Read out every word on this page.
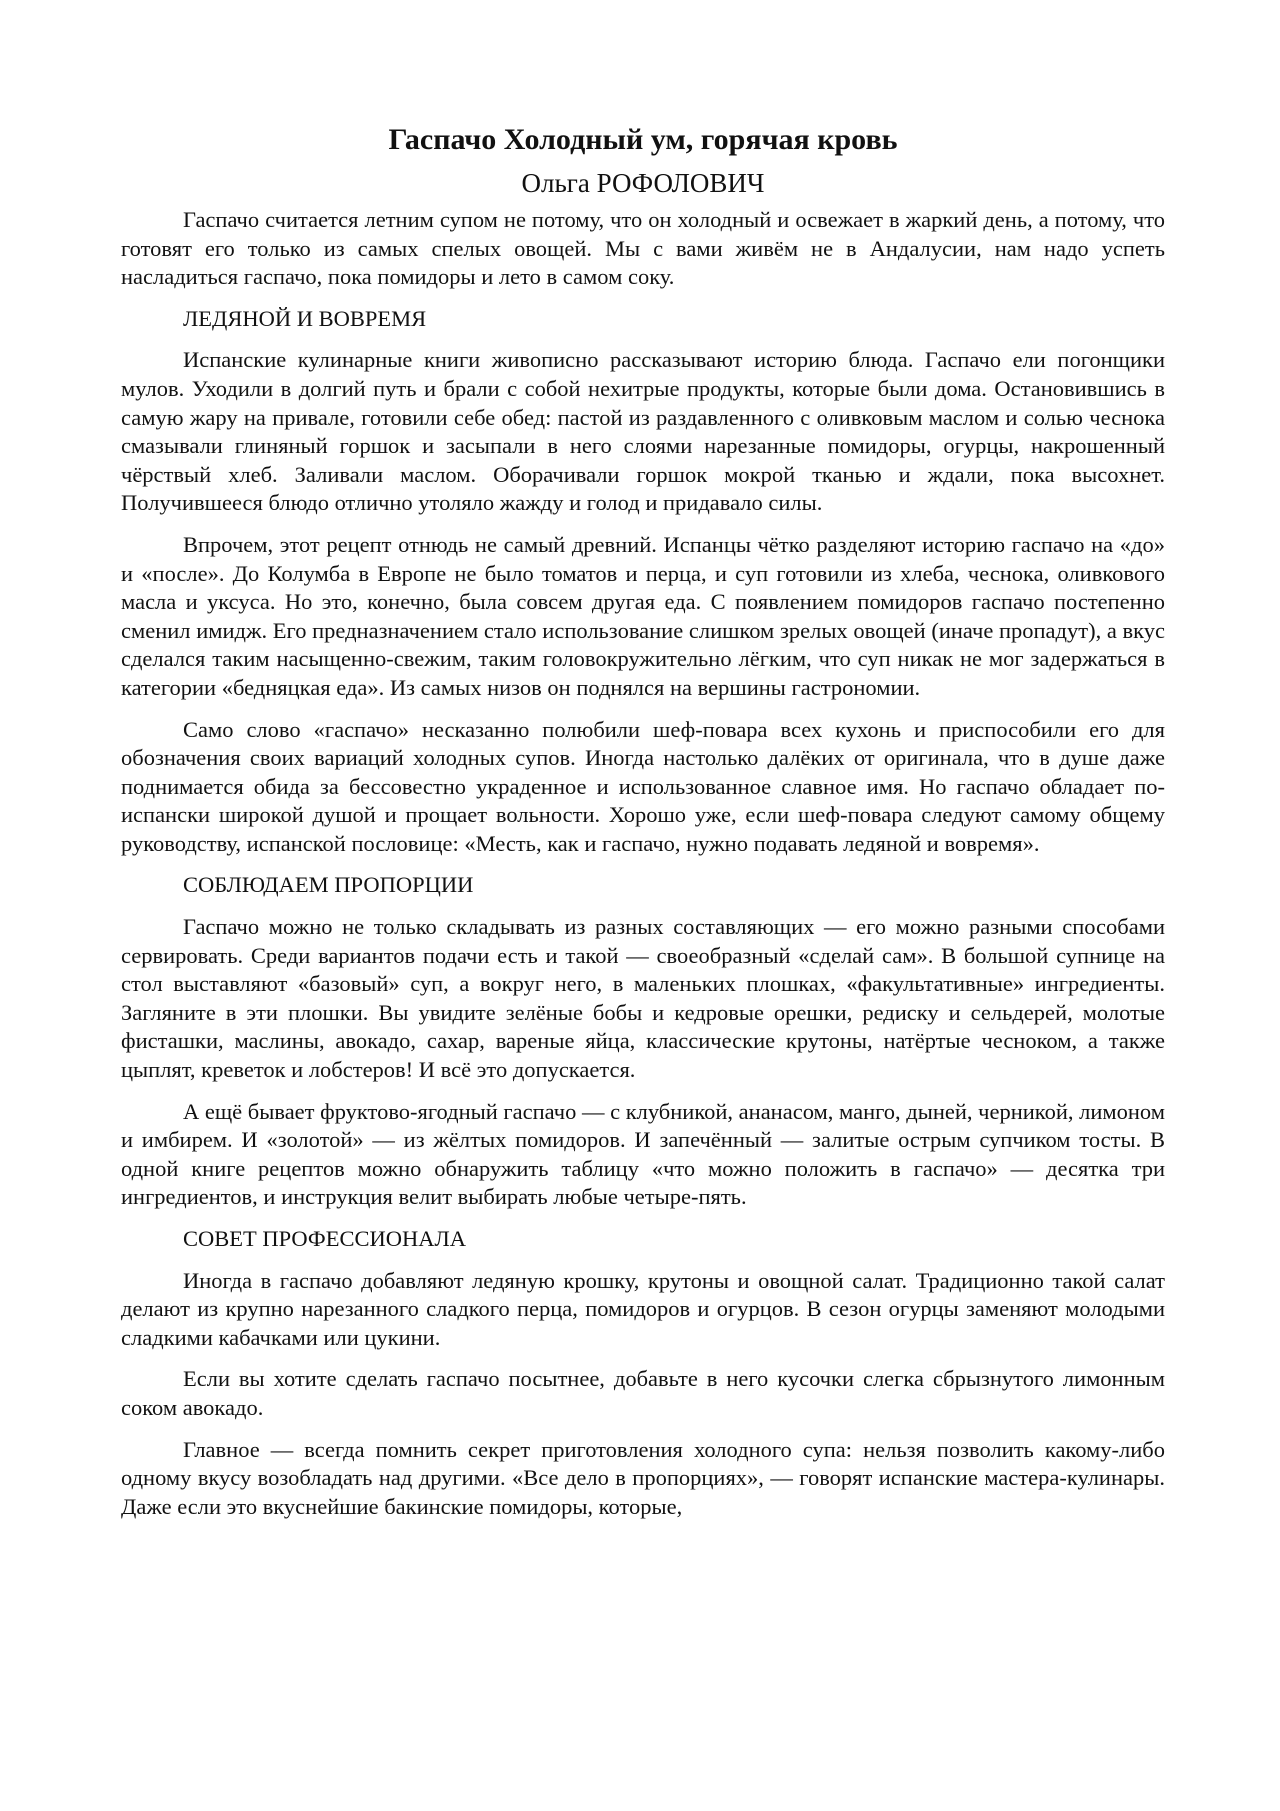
Гаспачо Холодный ум, горячая кровь
Ольга РОФОЛОВИЧ

Гаспачо считается летним супом не потому, что он холодный и освежает в жаркий день, а потому, что готовят его только из самых спелых овощей. Мы с вами живём не в Андалусии, нам надо успеть насладиться гаспачо, пока помидоры и лето в самом соку.

ЛЕДЯНОЙ И ВОВРЕМЯ

Испанские кулинарные книги живописно рассказывают историю блюда. Гаспачо ели погонщики мулов. Уходили в долгий путь и брали с собой нехитрые продукты, которые были дома. Остановившись в самую жару на привале, готовили себе обед: пастой из раздавленного с оливковым маслом и солью чеснока смазывали глиняный горшок и засыпали в него слоями нарезанные помидоры, огурцы, накрошенный чёрствый хлеб. Заливали маслом. Оборачивали горшок мокрой тканью и ждали, пока высохнет. Получившееся блюдо отлично утоляло жажду и голод и придавало силы.

Впрочем, этот рецепт отнюдь не самый древний. Испанцы чётко разделяют историю гаспачо на «до» и «после». До Колумба в Европе не было томатов и перца, и суп готовили из хлеба, чеснока, оливкового масла и уксуса. Но это, конечно, была совсем другая еда. С появлением помидоров гаспачо постепенно сменил имидж. Его предназначением стало использование слишком зрелых овощей (иначе пропадут), а вкус сделался таким насыщенно-свежим, таким головокружительно лёгким, что суп никак не мог задержаться в категории «бедняцкая еда». Из самых низов он поднялся на вершины гастрономии.

Само слово «гаспачо» несказанно полюбили шеф-повара всех кухонь и приспособили его для обозначения своих вариаций холодных супов. Иногда настолько далёких от оригинала, что в душе даже поднимается обида за бессовестно украденное и использованное славное имя. Но гаспачо обладает по-испански широкой душой и прощает вольности. Хорошо уже, если шеф-повара следуют самому общему руководству, испанской пословице: «Месть, как и гаспачо, нужно подавать ледяной и вовремя».

СОБЛЮДАЕМ ПРОПОРЦИИ

Гаспачо можно не только складывать из разных составляющих — его можно разными способами сервировать. Среди вариантов подачи есть и такой — своеобразный «сделай сам». В большой супнице на стол выставляют «базовый» суп, а вокруг него, в маленьких плошках, «факультативные» ингредиенты. Загляните в эти плошки. Вы увидите зелёные бобы и кедровые орешки, редиску и сельдерей, молотые фисташки, маслины, авокадо, сахар, вареные яйца, классические крутоны, натёртые чесноком, а также цыплят, креветок и лобстеров! И всё это допускается.

А ещё бывает фруктово-ягодный гаспачо — с клубникой, ананасом, манго, дыней, черникой, лимоном и имбирем. И «золотой» — из жёлтых помидоров. И запечённый — залитые острым супчиком тосты. В одной книге рецептов можно обнаружить таблицу «что можно положить в гаспачо» — десятка три ингредиентов, и инструкция велит выбирать любые четыре-пять.

СОВЕТ ПРОФЕССИОНАЛА

Иногда в гаспачо добавляют ледяную крошку, крутоны и овощной салат. Традиционно такой салат делают из крупно нарезанного сладкого перца, помидоров и огурцов. В сезон огурцы заменяют молодыми сладкими кабачками или цукини.

Если вы хотите сделать гаспачо посытнее, добавьте в него кусочки слегка сбрызнутого лимонным соком авокадо.

Главное — всегда помнить секрет приготовления холодного супа: нельзя позволить какому-либо одному вкусу возобладать над другими. «Все дело в пропорциях», — говорят испанские мастера-кулинары. Даже если это вкуснейшие бакинские помидоры, которые,
